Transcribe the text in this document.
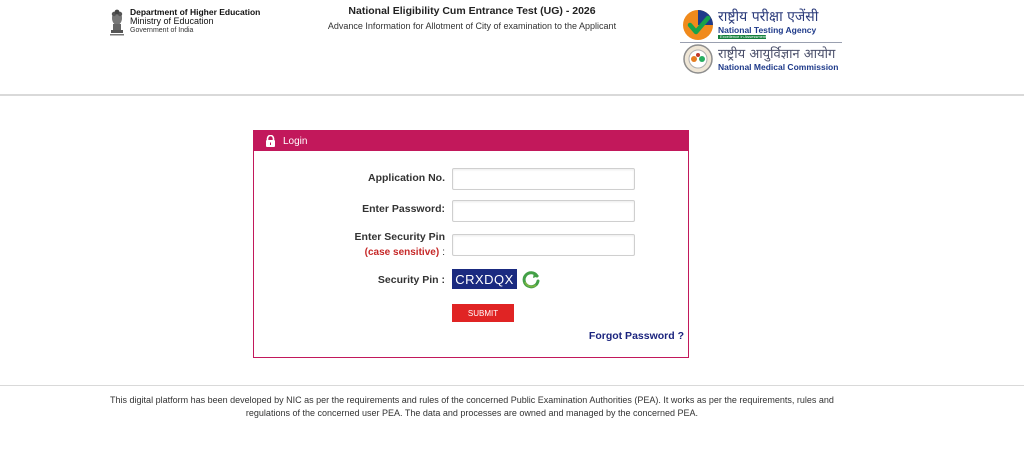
Department of Higher Education
Ministry of Education
Government of India
National Eligibility Cum Entrance Test (UG) - 2026
Advance Information for Allotment of City of examination to the Applicant
राष्ट्रीय परीक्षा एजेंसी
National Testing Agency
Excellence in Assessment
राष्ट्रीय आयुर्विज्ञान आयोग
National Medical Commission
Login
Application No.
Enter Password:
Enter Security Pin
(case sensitive) :
Security Pin : CRXDQX
SUBMIT
Forgot Password ?
This digital platform has been developed by NIC as per the requirements and rules of the concerned Public Examination Authorities (PEA). It works as per the requirements, rules and regulations of the concerned user PEA. The data and processes are owned and managed by the concerned PEA.
